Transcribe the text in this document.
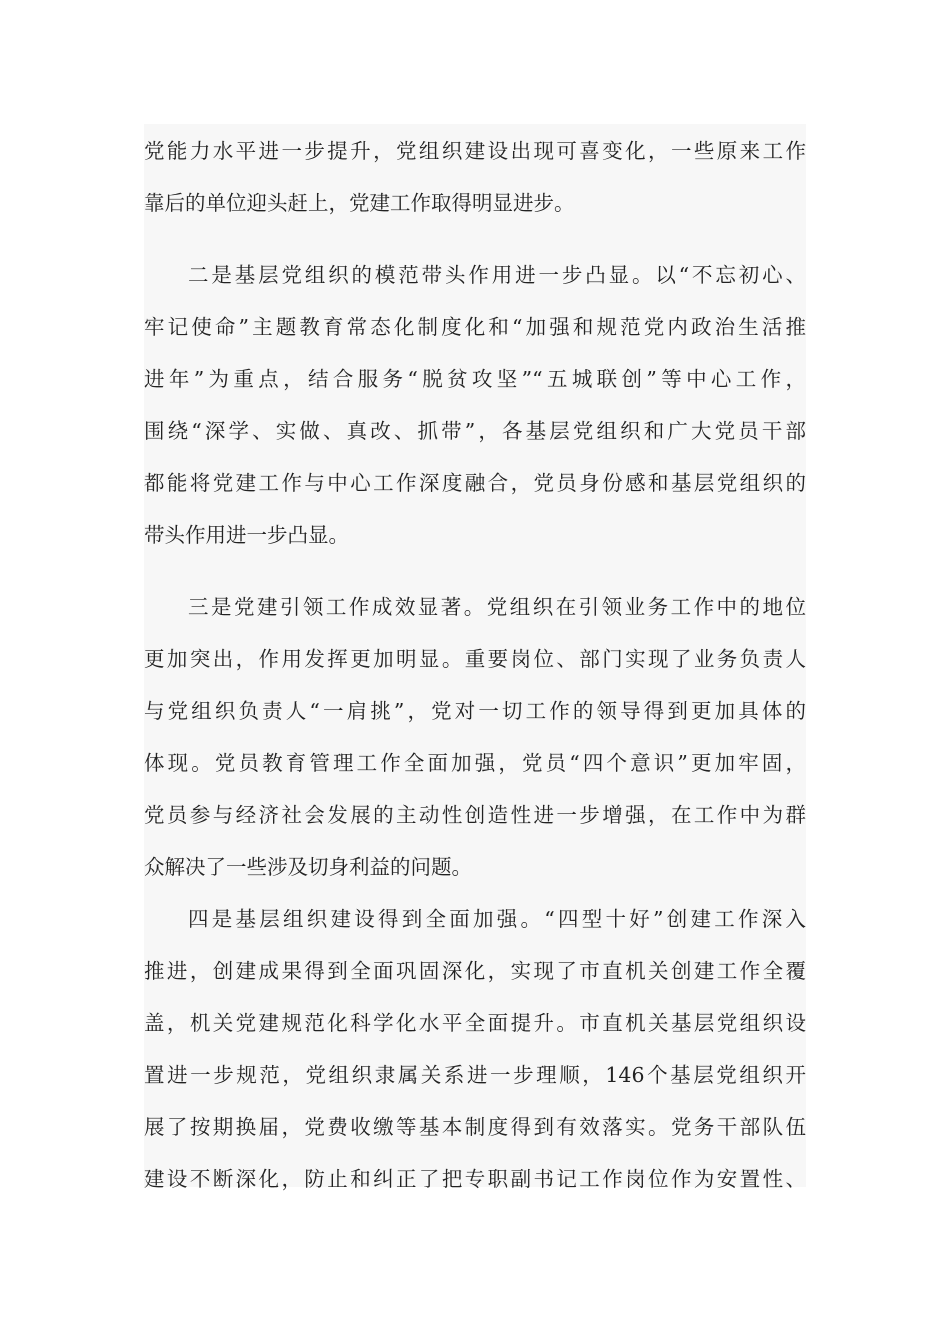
党能力水平进一步提升，党组织建设出现可喜变化，一些原来工作
靠后的单位迎头赶上，党建工作取得明显进步。
二是基层党组织的模范带头作用进一步凸显。以“不忘初心、
牢记使命”主题教育常态化制度化和“加强和规范党内政治生活推
进年”为重点，结合服务“脱贫攻坚”“五城联创”等中心工作，
围绕“深学、实做、真改、抓带”，各基层党组织和广大党员干部
都能将党建工作与中心工作深度融合，党员身份感和基层党组织的
带头作用进一步凸显。
三是党建引领工作成效显著。党组织在引领业务工作中的地位
更加突出，作用发挥更加明显。重要岗位、部门实现了业务负责人
与党组织负责人“一肩挑”，党对一切工作的领导得到更加具体的
体现。党员教育管理工作全面加强，党员“四个意识”更加牢固，
党员参与经济社会发展的主动性创造性进一步增强，在工作中为群
众解决了一些涉及切身利益的问题。
四是基层组织建设得到全面加强。“四型十好”创建工作深入
推进，创建成果得到全面巩固深化，实现了市直机关创建工作全覆
盖，机关党建规范化科学化水平全面提升。市直机关基层党组织设
置进一步规范，党组织隶属关系进一步理顺，146个基层党组织开
展了按期换届，党费收缴等基本制度得到有效落实。党务干部队伍
建设不断深化，防止和纠正了把专职副书记工作岗位作为安置性、
